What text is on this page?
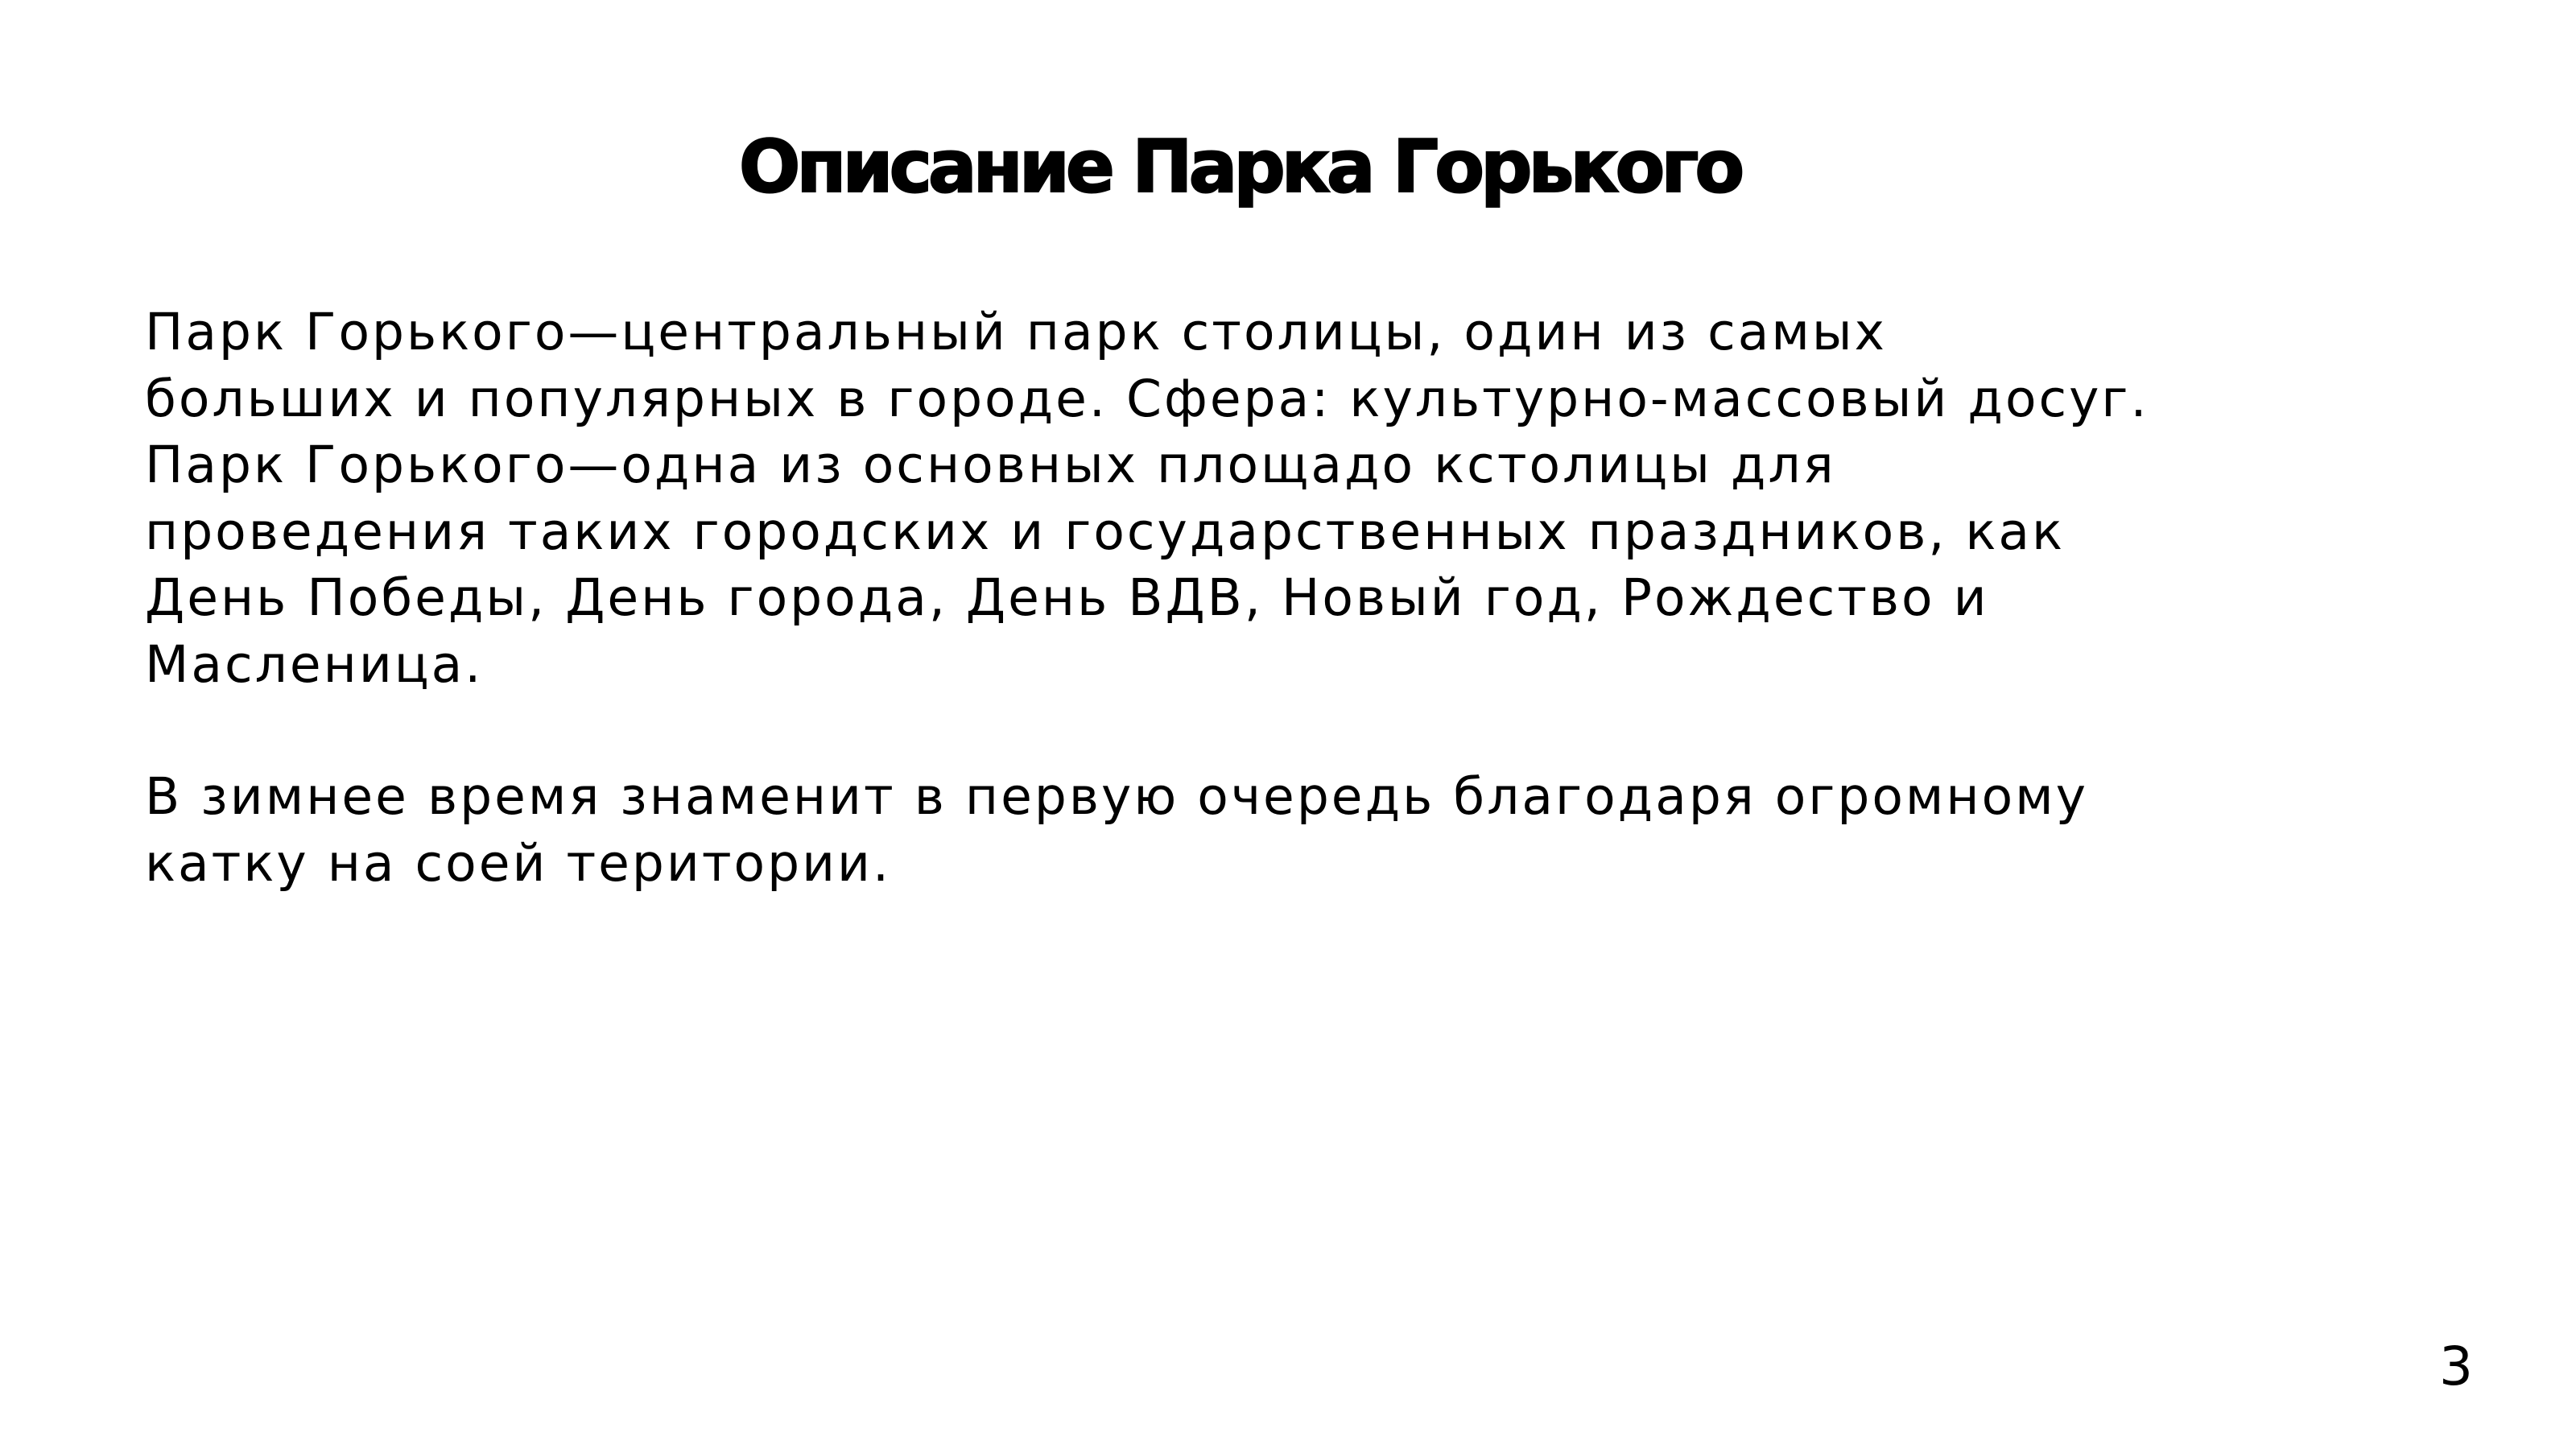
Описание Парка Горького

Парк Горького—центральный парк столицы, один из самых
больших и популярных в городе. Сфера: культурно-массовый досуг.
Парк Горького—одна из основных площадо кстолицы для
проведения таких городских и государственных праздников, как
День Победы, День города, День ВДВ, Новый год, Рождество и
Масленица.

В зимнее время знаменит в первую очередь благодаря огромному
катку на соей територии.

3
